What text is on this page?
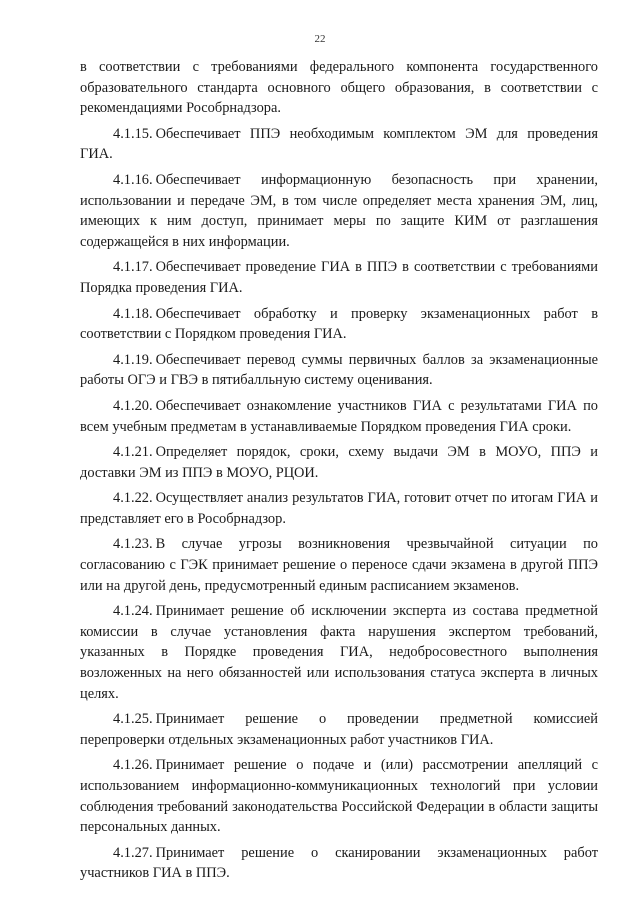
22

в соответствии с требованиями федерального компонента государственного образовательного стандарта основного общего образования, в соответствии с рекомендациями Рособрнадзора.

4.1.15. Обеспечивает ППЭ необходимым комплектом ЭМ для проведения ГИА.

4.1.16. Обеспечивает информационную безопасность при хранении, использовании и передаче ЭМ, в том числе определяет места хранения ЭМ, лиц, имеющих к ним доступ, принимает меры по защите КИМ от разглашения содержащейся в них информации.

4.1.17. Обеспечивает проведение ГИА в ППЭ в соответствии с требованиями Порядка проведения ГИА.

4.1.18. Обеспечивает обработку и проверку экзаменационных работ в соответствии с Порядком проведения ГИА.

4.1.19. Обеспечивает перевод суммы первичных баллов за экзаменационные работы ОГЭ и ГВЭ в пятибалльную систему оценивания.

4.1.20. Обеспечивает ознакомление участников ГИА с результатами ГИА по всем учебным предметам в устанавливаемые Порядком проведения ГИА сроки.

4.1.21. Определяет порядок, сроки, схему выдачи ЭМ в МОУО, ППЭ и доставки ЭМ из ППЭ в МОУО, РЦОИ.

4.1.22. Осуществляет анализ результатов ГИА, готовит отчет по итогам ГИА и представляет его в Рособрнадзор.

4.1.23. В случае угрозы возникновения чрезвычайной ситуации по согласованию с ГЭК принимает решение о переносе сдачи экзамена в другой ППЭ или на другой день, предусмотренный единым расписанием экзаменов.

4.1.24. Принимает решение об исключении эксперта из состава предметной комиссии в случае установления факта нарушения экспертом требований, указанных в Порядке проведения ГИА, недобросовестного выполнения возложенных на него обязанностей или использования статуса эксперта в личных целях.

4.1.25. Принимает решение о проведении предметной комиссией перепроверки отдельных экзаменационных работ участников ГИА.

4.1.26. Принимает решение о подаче и (или) рассмотрении апелляций с использованием информационно-коммуникационных технологий при условии соблюдения требований законодательства Российской Федерации в области защиты персональных данных.

4.1.27. Принимает решение о сканировании экзаменационных работ участников ГИА в ППЭ.
